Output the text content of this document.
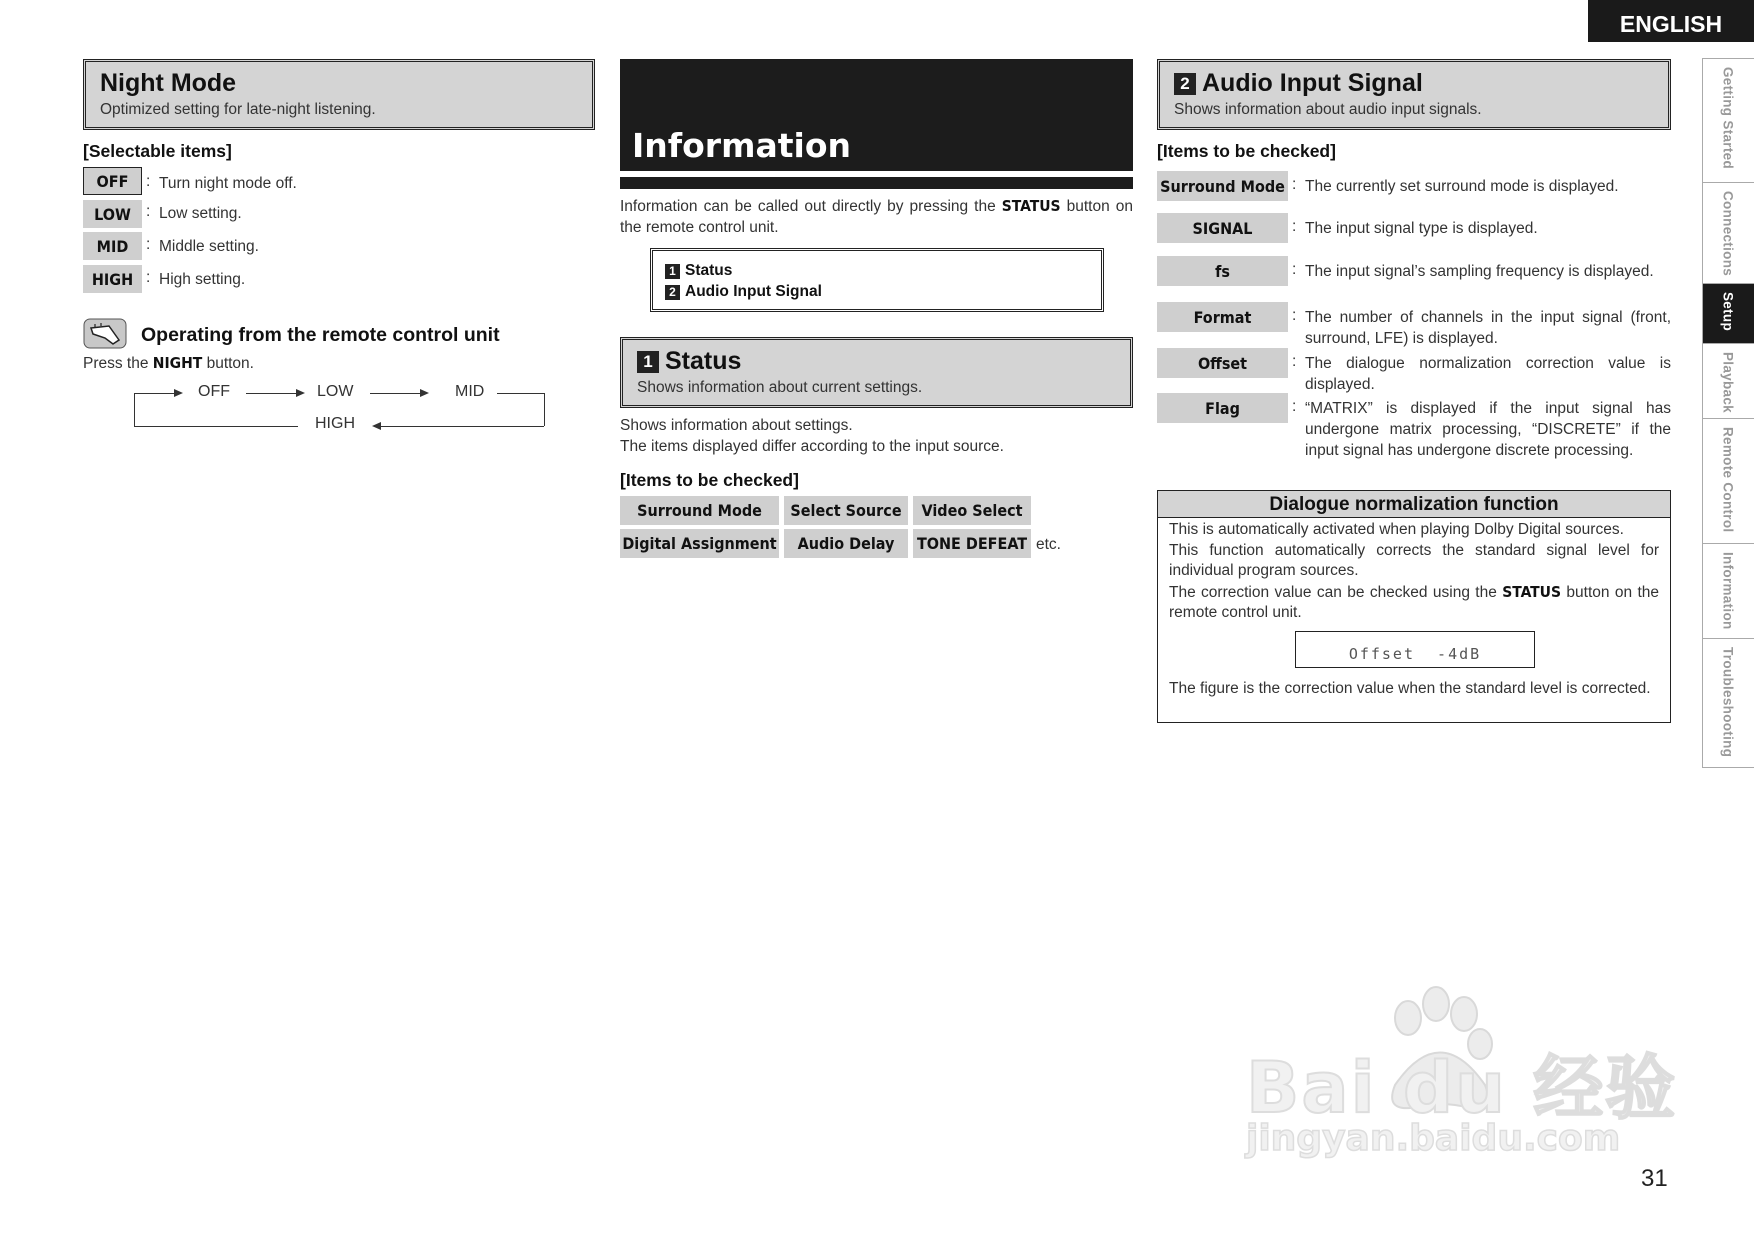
ENGLISH
Night Mode
Optimized setting for late-night listening.
[Selectable items]
OFF	: Turn night mode off.
LOW : Low setting.
MID	: Middle setting.
HIGH : High setting.
Operating from the remote control unit
Press the NIGHT button.
OFF	LOW	MID
HIGH
Information
Information can be called out directly by pressing the STATUS button on the remote control unit.
1 Status
2 Audio Input Signal
1 Status
Shows information about current settings.
Shows information about settings.
The items displayed differ according to the input source.
[Items to be checked]
Surround Mode	Select Source	Video Select
Digital Assignment	Audio Delay	TONE DEFEAT etc.
2 Audio Input Signal
Shows information about audio input signals.
[Items to be checked]
Surround Mode : The currently set surround mode is displayed.
SIGNAL	: The input signal type is displayed.
fs	: The input signal’s sampling frequency is displayed.
Format	: The number of channels in the input signal (front, surround, LFE) is displayed.
Offset	: The dialogue normalization correction value is displayed.
Flag	: “MATRIX” is displayed if the input signal has undergone matrix processing, “DISCRETE” if the input signal has undergone discrete processing.
Dialogue normalization function
This is automatically activated when playing Dolby Digital sources.
This function automatically corrects the standard signal level for individual program sources.
The correction value can be checked using the STATUS button on the remote control unit.
Offset  -4dB
The figure is the correction value when the standard level is corrected.
Getting Started
Connections
Setup
Playback
Remote Control
Information
Troubleshooting
Bai du 经验
jingyan.baidu.com
31
